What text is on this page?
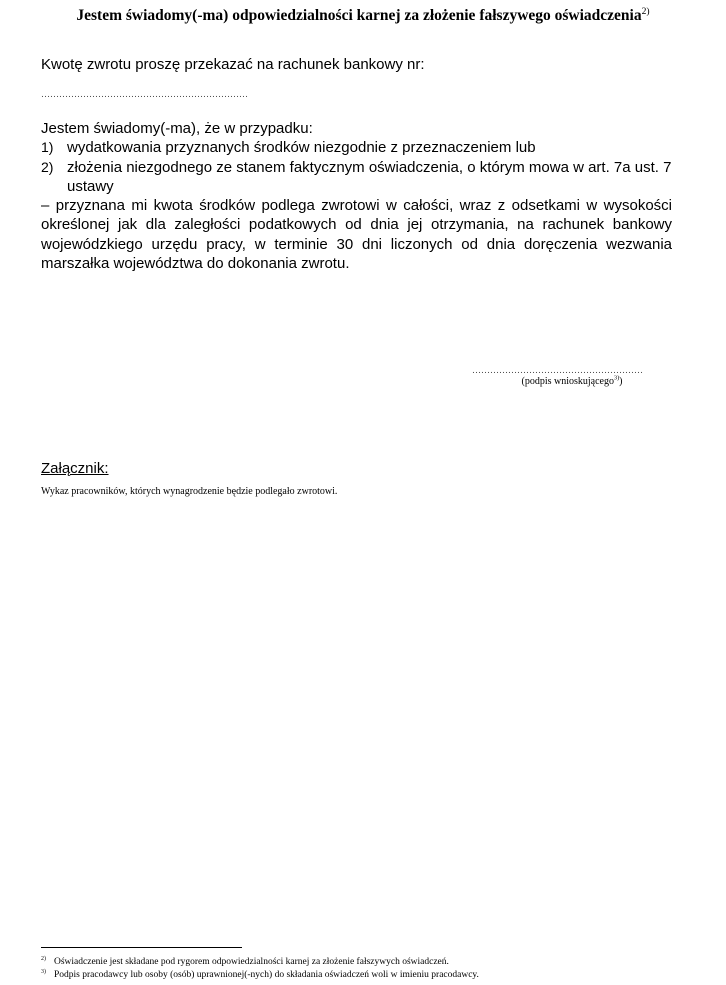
Jestem świadomy(-ma) odpowiedzialności karnej za złożenie fałszywego oświadczenia$^{2)}$
Kwotę zwrotu proszę przekazać na rachunek bankowy nr:
……………………………………………………………

Jestem świadomy(-ma), że w przypadku:

1) wydatkowania przyznanych środków niezgodnie z przeznaczeniem lub

2) złożenia niezgodnego ze stanem faktycznym oświadczenia, o którym mowa w art. 7a ust. 7 ustawy

– przyznana mi kwota środków podlega zwrotowi w całości, wraz z odsetkami w wysokości określonej jak dla zaległości podatkowych od dnia jej otrzymania, na rachunek bankowy wojewódzkiego urzędu pracy, w terminie 30 dni liczonych od dnia doręczenia wezwania marszałka województwa do dokonania zwrotu.

…………………………………………………
(podpis wnioskującego$^{3)}$)
Załącznik:
Wykaz pracowników, których wynagrodzenie będzie podlegało zwrotowi.
$^{2)}$ Oświadczenie jest składane pod rygorem odpowiedzialności karnej za złożenie fałszywych oświadczeń.
$^{3)}$ Podpis pracodawcy lub osoby (osób) uprawnionej(-nych) do składania oświadczeń woli w imieniu pracodawcy.
